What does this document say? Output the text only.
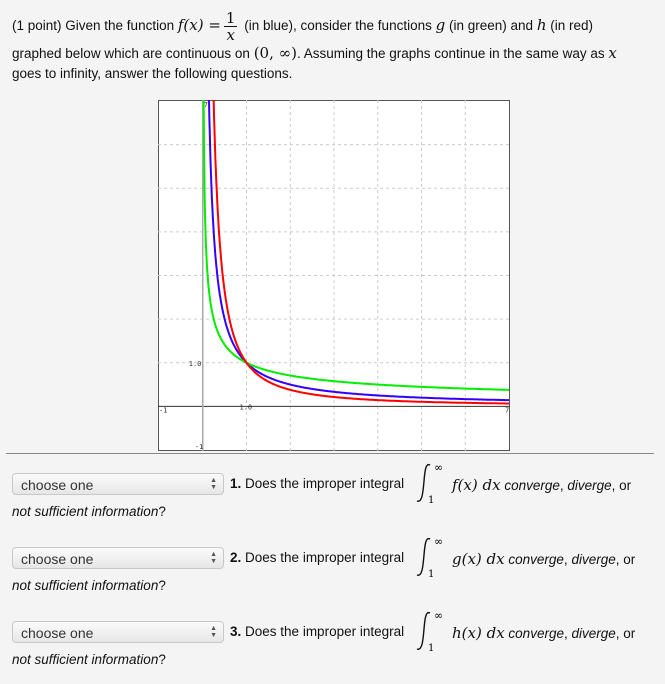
(1 point) Given the function $f(x) = \frac{1}{x} (in$ blue), consider the functions g (in green) and h (in red)
graphed below which are continuous on (0, ∞). Assuming the graphs continue in the same way as x
goes to infinity, answer the following questions.
-1	1.0	7
-1
1.0
7
choose one	▲
▼ 1. Does the improper integral
∞
1
f(x) dx converge, diverge, or
not sufficient information?
choose one	▲
▼ 2. Does the improper integral
∞
1
g(x) dx converge, diverge, or
not sufficient information?
choose one	▲
▼ 3. Does the improper integral
∞
1
h(x) dx converge, diverge, or
not sufficient information?
